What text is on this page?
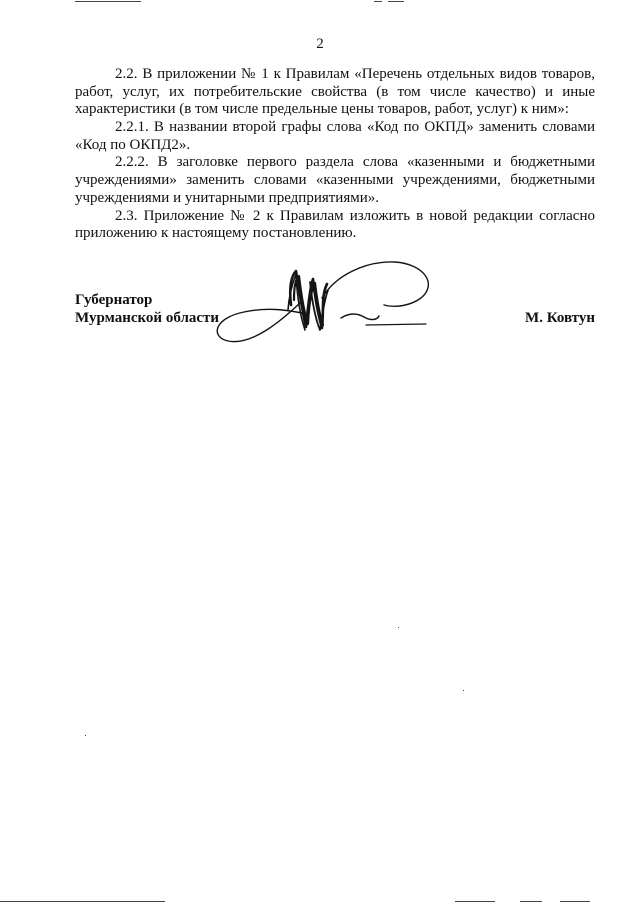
2
2.2. В приложении № 1 к Правилам «Перечень отдельных видов товаров,
работ, услуг, их потребительские свойства (в том числе качество) и иные
характеристики (в том числе предельные цены товаров, работ, услуг) к ним»:
2.2.1. В названии второй графы слова «Код по ОКПД» заменить словами
«Код по ОКПД2».
2.2.2. В заголовке первого раздела слова «казенными и бюджетными
учреждениями» заменить словами «казенными учреждениями, бюджетными
учреждениями и унитарными предприятиями».
2.3. Приложение № 2 к Правилам изложить в новой редакции согласно
приложению к настоящему постановлению.
Губернатор
Мурманской области	М. Ковтун
